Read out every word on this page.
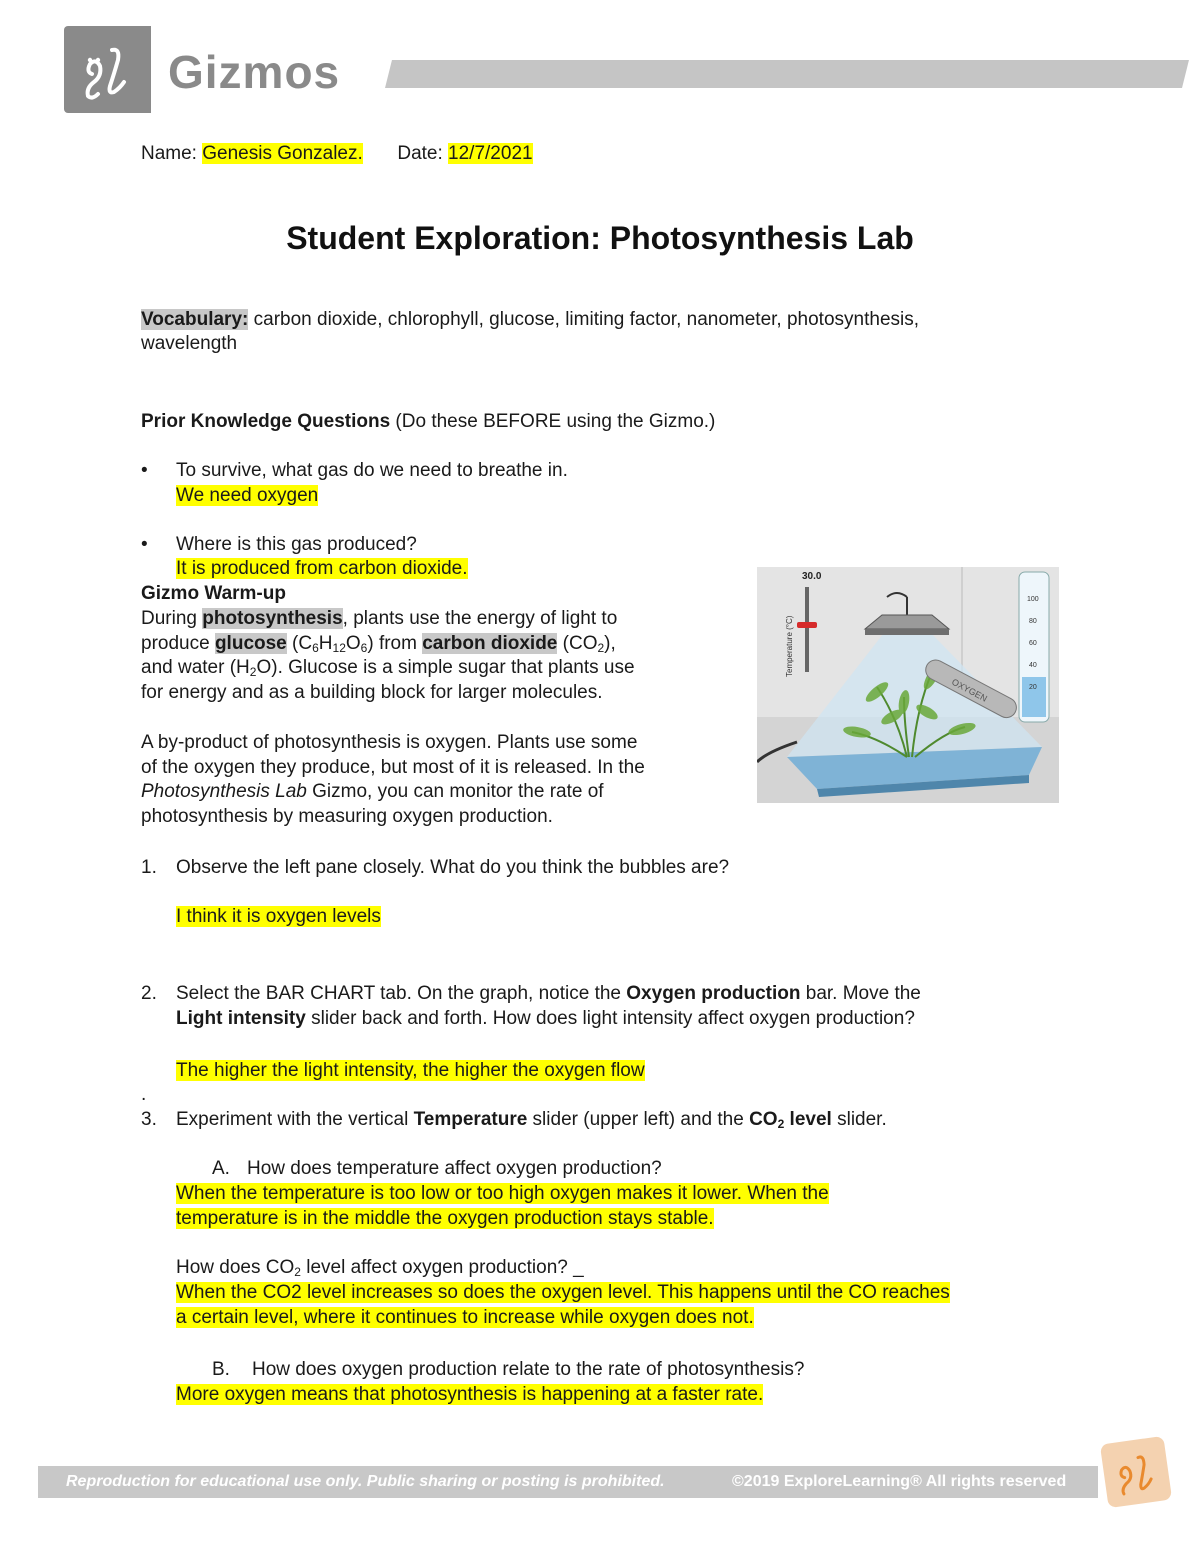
Gizmos
Name: Genesis Gonzalez. Date: 12/7/2021
Student Exploration: Photosynthesis Lab
Vocabulary: carbon dioxide, chlorophyll, glucose, limiting factor, nanometer, photosynthesis,
wavelength
Prior Knowledge Questions (Do these BEFORE using the Gizmo.)
• To survive, what gas do we need to breathe in.
We need oxygen
• Where is this gas produced?
It is produced from carbon dioxide.
Gizmo Warm-up
During photosynthesis, plants use the energy of light to
produce glucose $(C_6H_{12}O_6)$ from carbon dioxide $(CO_2)$,
and water $(H_2O)$. Glucose is a simple sugar that plants use
for energy and as a building block for larger molecules.
A by-product of photosynthesis is oxygen. Plants use some
of the oxygen they produce, but most of it is released. In the
Photosynthesis Lab Gizmo, you can monitor the rate of
photosynthesis by measuring oxygen production.
OXYGEN
100
80
60
40
20
30.0
Temperature (°C)
1. Observe the left pane closely. What do you think the bubbles are?
I think it is oxygen levels
2. Select the BAR CHART tab. On the graph, notice the Oxygen production bar. Move the
Light intensity slider back and forth. How does light intensity affect oxygen production?
The higher the light intensity, the higher the oxygen flow
.
3. Experiment with the vertical Temperature slider (upper left) and the $CO_2$ level slider.
A. How does temperature affect oxygen production?
When the temperature is too low or too high oxygen makes it lower. When the
temperature is in the middle the oxygen production stays stable.
How does $CO_2$ level affect oxygen production? _
When the CO2 level increases so does the oxygen level. This happens until the CO reaches
a certain level, where it continues to increase while oxygen does not.
B. How does oxygen production relate to the rate of photosynthesis?
More oxygen means that photosynthesis is happening at a faster rate.
Reproduction for educational use only. Public sharing or posting is prohibited.	©2019 ExploreLearning® All rights reserved
